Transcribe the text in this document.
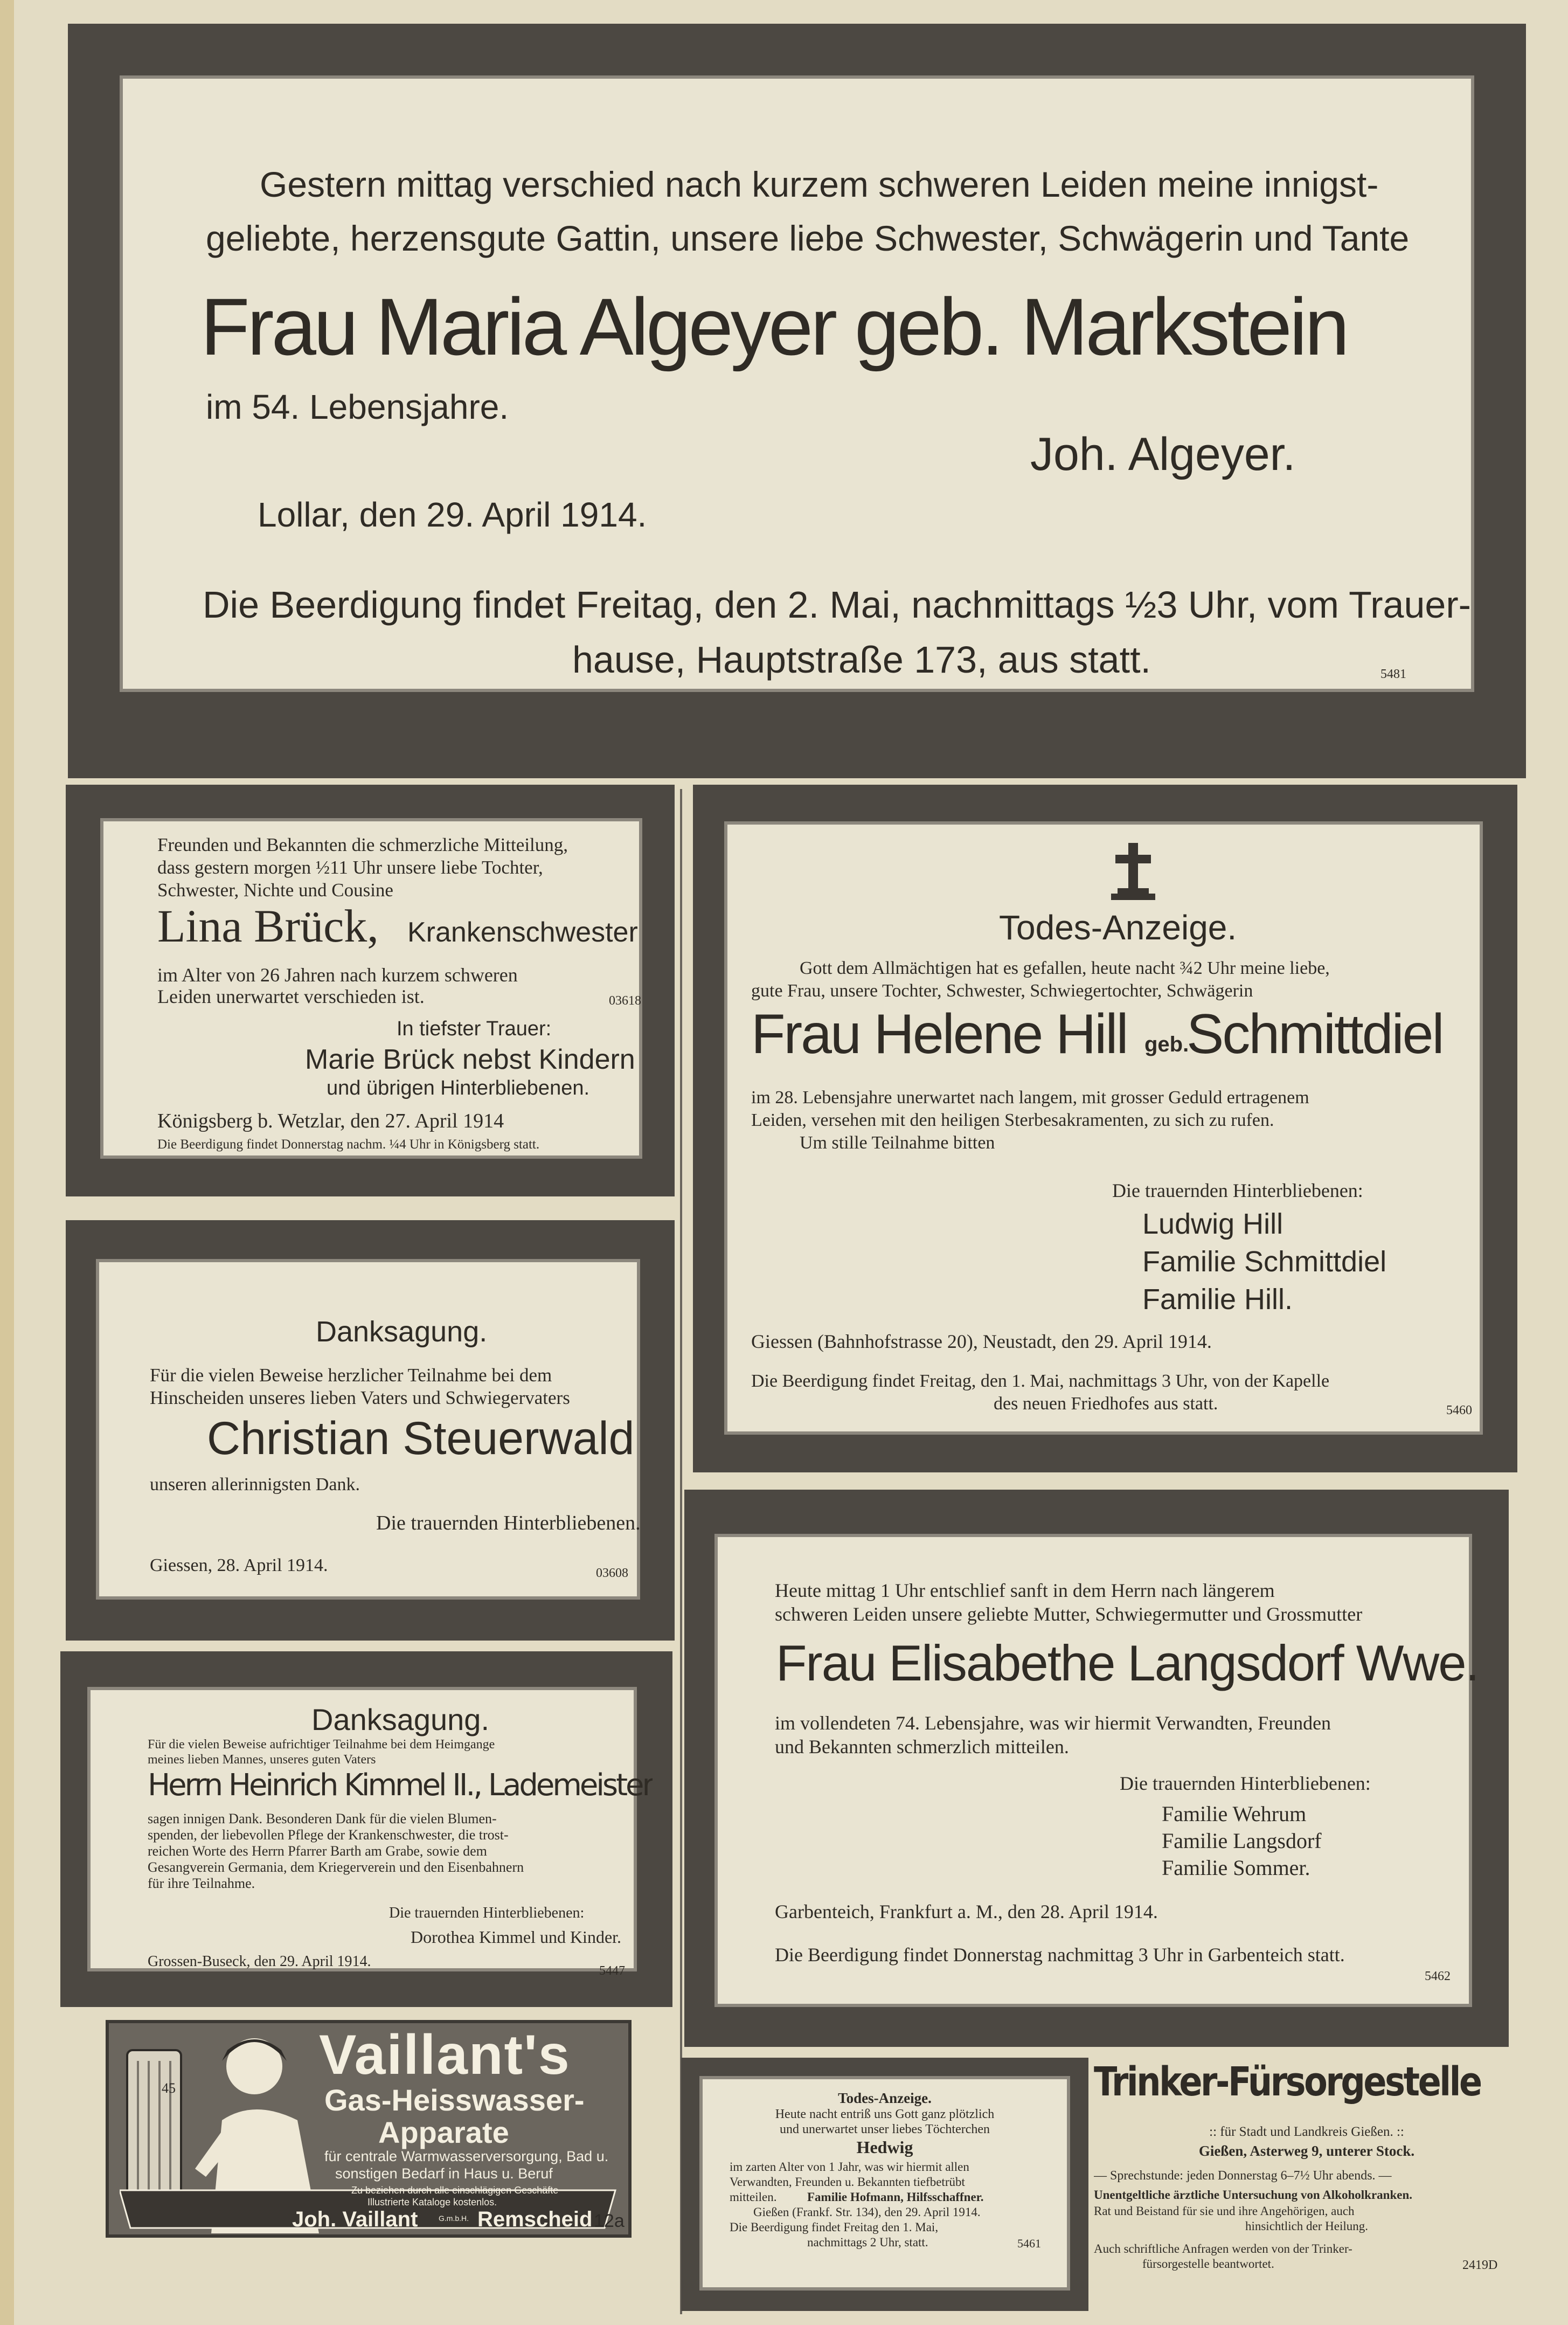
Gestern mittag verschied nach kurzem schweren Leiden meine innigst-
geliebte, herzensgute Gattin, unsere liebe Schwester, Schwägerin und Tante
Frau Maria Algeyer geb. Markstein
im 54. Lebensjahre.
Joh. Algeyer.
Lollar, den 29. April 1914.
Die Beerdigung findet Freitag, den 2. Mai, nachmittags ½3 Uhr, vom Trauer-
hause, Hauptstraße 173, aus statt.	5481
Freunden und Bekannten die schmerzliche Mitteilung,
dass gestern morgen ½11 Uhr unsere liebe Tochter,
Schwester, Nichte und Cousine
Lina Brück, Krankenschwester
im Alter von 26 Jahren nach kurzem schweren
Leiden unerwartet verschieden ist.	03618
In tiefster Trauer:
Marie Brück nebst Kindern
und übrigen Hinterbliebenen.
Königsberg b. Wetzlar, den 27. April 1914
Die Beerdigung findet Donnerstag nachm. ¼4 Uhr in Königsberg statt.
Todes-Anzeige.
Gott dem Allmächtigen hat es gefallen, heute nacht ¾2 Uhr meine liebe,
gute Frau, unsere Tochter, Schwester, Schwiegertochter, Schwägerin
Frau Helene Hill geb.
Schmittdiel
im 28. Lebensjahre unerwartet nach langem, mit grosser Geduld ertragenem
Leiden, versehen mit den heiligen Sterbesakramenten, zu sich zu rufen.
Um stille Teilnahme bitten
Die trauernden Hinterbliebenen:
Ludwig Hill
Familie Schmittdiel
Familie Hill.
Giessen (Bahnhofstrasse 20), Neustadt, den 29. April 1914.
Die Beerdigung findet Freitag, den 1. Mai, nachmittags 3 Uhr, von der Kapelle
des neuen Friedhofes aus statt.	5460
Danksagung.
Für die vielen Beweise herzlicher Teilnahme bei dem
Hinscheiden unseres lieben Vaters und Schwiegervaters
Christian Steuerwald
unseren allerinnigsten Dank.
Die trauernden Hinterbliebenen.
Giessen, 28. April 1914.	03608
Danksagung.
Für die vielen Beweise aufrichtiger Teilnahme bei dem Heimgange
meines lieben Mannes, unseres guten Vaters
Herrn Heinrich Kimmel II., Lademeister
sagen innigen Dank. Besonderen Dank für die vielen Blumen-
spenden, der liebevollen Pflege der Krankenschwester, die trost-
reichen Worte des Herrn Pfarrer Barth am Grabe, sowie dem
Gesangverein Germania, dem Kriegerverein und den Eisenbahnern
für ihre Teilnahme.
Die trauernden Hinterbliebenen:
Dorothea Kimmel und Kinder.
Grossen-Buseck, den 29. April 1914.
5447
Heute mittag 1 Uhr entschlief sanft in dem Herrn nach längerem
schweren Leiden unsere geliebte Mutter, Schwiegermutter und Grossmutter
Frau Elisabethe Langsdorf Wwe.
im vollendeten 74. Lebensjahre, was wir hiermit Verwandten, Freunden
und Bekannten schmerzlich mitteilen.
Die trauernden Hinterbliebenen:
Familie Wehrum
Familie Langsdorf
Familie Sommer.
Garbenteich, Frankfurt a. M., den 28. April 1914.
Die Beerdigung findet Donnerstag nachmittag 3 Uhr in Garbenteich statt.
5462
45
Vaillant's
Gas-Heisswasser-
Apparate
für centrale Warmwasserversorgung, Bad u.
sonstigen Bedarf in Haus u. Beruf
Zu beziehen durch alle einschlägigen Geschäfte
Illustrierte Kataloge kostenlos.
Joh. Vaillant	G.m.b.H. Remscheid 12a
Todes-Anzeige.
Heute nacht entriß uns Gott ganz plötzlich
und unerwartet unser liebes Töchterchen
Hedwig
im zarten Alter von 1 Jahr, was wir hiermit allen
Verwandten, Freunden u. Bekannten tiefbetrübt
mitteilen. Familie Hofmann, Hilfsschaffner.
Gießen (Frankf. Str. 134), den 29. April 1914.
Die Beerdigung findet Freitag den 1. Mai,
nachmittags 2 Uhr, statt.	5461
Trinker-Fürsorgestelle
:: für Stadt und Landkreis Gießen. ::
Gießen, Asterweg 9, unterer Stock.
— Sprechstunde: jeden Donnerstag 6–7½ Uhr abends. —
Unentgeltliche ärztliche Untersuchung von Alkoholkranken.
Rat und Beistand für sie und ihre Angehörigen, auch
hinsichtlich der Heilung.
Auch schriftliche Anfragen werden von der Trinker-
fürsorgestelle beantwortet.	2419D
